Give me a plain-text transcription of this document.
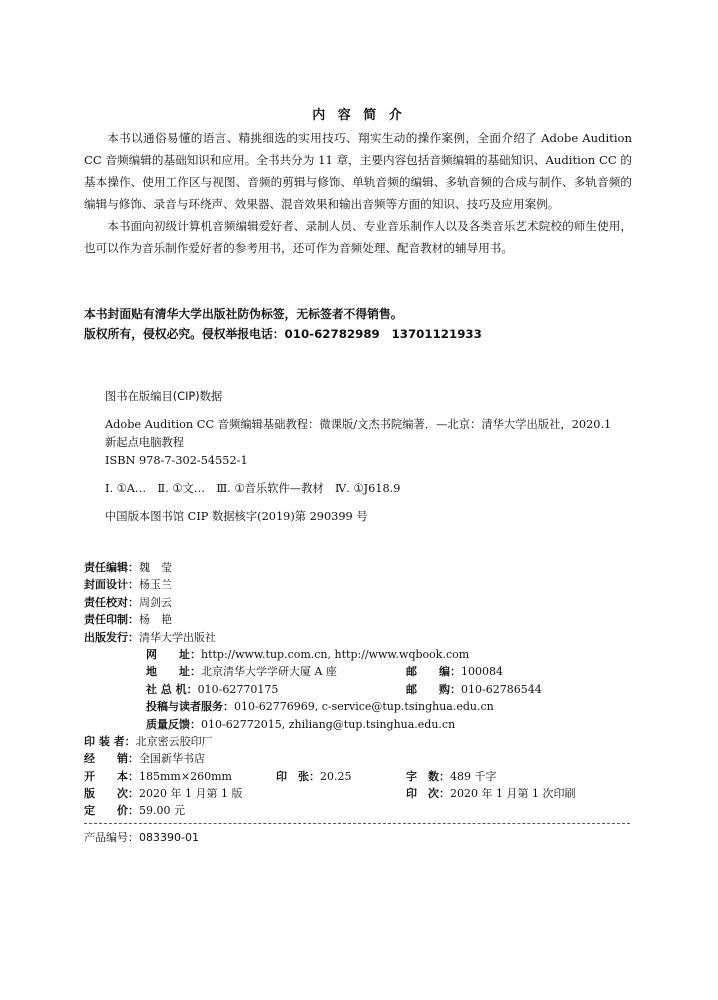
内 容 简 介

本书以通俗易懂的语言、精挑细选的实用技巧、翔实生动的操作案例，全面介绍了 Adobe Audition CC 音频编辑的基础知识和应用。全书共分为 11 章，主要内容包括音频编辑的基础知识、Audition CC 的基本操作、使用工作区与视图、音频的剪辑与修饰、单轨音频的编辑、多轨音频的合成与制作、多轨音频的编辑与修饰、录音与环绕声、效果器、混音效果和输出音频等方面的知识、技巧及应用案例。

本书面向初级计算机音频编辑爱好者、录制人员、专业音乐制作人以及各类音乐艺术院校的师生使用，也可以作为音乐制作爱好者的参考用书，还可作为音频处理、配音教材的辅导用书。

本书封面贴有清华大学出版社防伪标签，无标签者不得销售。
版权所有，侵权必究。侵权举报电话：010-62782989　13701121933
图书在版编目(CIP)数据
Adobe Audition CC 音频编辑基础教程：微课版/文杰书院编著．—北京：清华大学出版社，2020.1
新起点电脑教程
ISBN 978-7-302-54552-1
Ⅰ. ①A…　Ⅱ. ①文…　Ⅲ. ①音乐软件—教材　Ⅳ. ①J618.9
中国版本图书馆 CIP 数据核字(2019)第 290399 号
责任编辑：魏　莹
封面设计：杨玉兰
责任校对：周剑云
责任印制：杨　艳
出版发行：清华大学出版社
网　　址：http://www.tup.com.cn, http://www.wqbook.com
地　　址：北京清华大学学研大厦 A 座	邮　　编：100084
社 总 机：010-62770175	邮　　购：010-62786544
投稿与读者服务：010-62776969, c-service@tup.tsinghua.edu.cn
质量反馈：010-62772015, zhiliang@tup.tsinghua.edu.cn
印 装 者：北京密云胶印厂
经　　销：全国新华书店
开　　本：185mm×260mm	印　张：20.25	字　数：489 千字
版　　次：2020 年 1 月第 1 版	印　次：2020 年 1 月第 1 次印刷
定　　价：59.00 元
产品编号：083390-01
